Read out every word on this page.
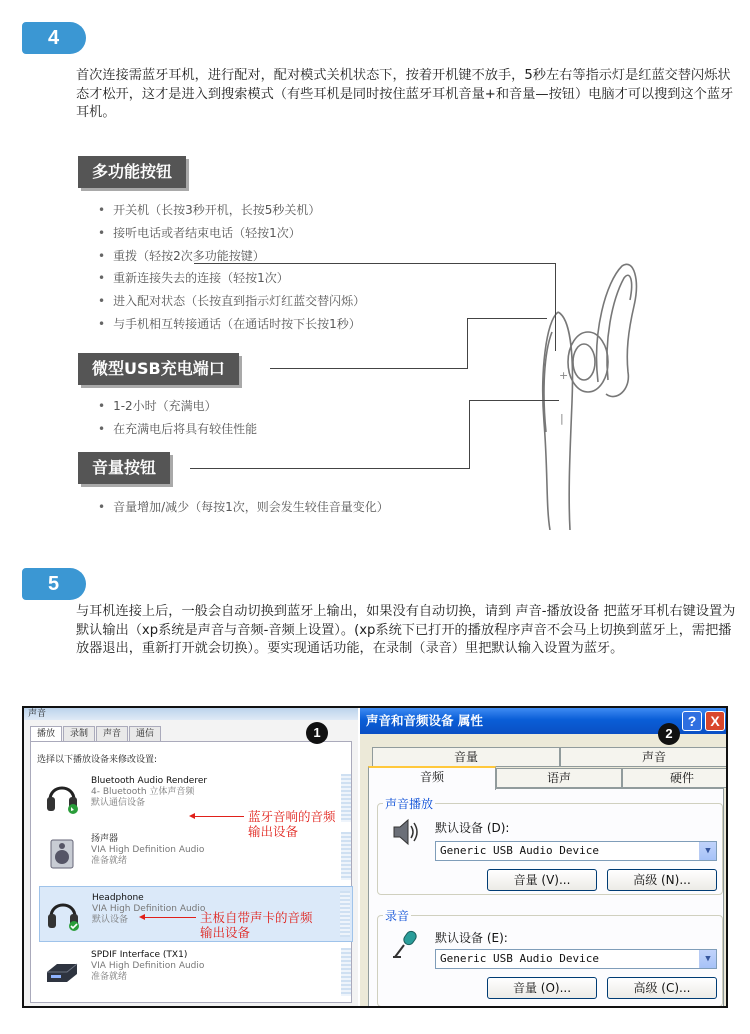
4
首次连接需蓝牙耳机，进行配对，配对模式关机状态下，按着开机键不放手，5秒左右等指示灯是红蓝交替闪烁状态才松开，这才是进入到搜索模式（有些耳机是同时按住蓝牙耳机音量+和音量—按钮）电脑才可以搜到这个蓝牙耳机。
+
|
多功能按钮
• 开关机（长按3秒开机，长按5秒关机）
• 接听电话或者结束电话（轻按1次）
• 重拨（轻按2次多功能按键）
• 重新连接失去的连接（轻按1次）
• 进入配对状态（长按直到指示灯红蓝交替闪烁）
• 与手机相互转接通话（在通话时按下长按1秒）
微型USB充电端口
• 1-2小时（充满电）
• 在充满电后将具有较佳性能
音量按钮
• 音量增加/减少（每按1次，则会发生较佳音量变化）
5
与耳机连接上后，一般会自动切换到蓝牙上输出，如果没有自动切换，请到 声音-播放设备 把蓝牙耳机右键设置为默认输出（xp系统是声音与音频-音频上设置）。(xp系统下已打开的播放程序声音不会马上切换到蓝牙上，需把播放器退出，重新打开就会切换）。要实现通话功能，在录制（录音）里把默认输入设置为蓝牙。
声音
播放	录制	声音	通信
选择以下播放设备来修改设置:
Bluetooth Audio Renderer
4- Bluetooth 立体声音频
默认通信设备
扬声器
VIA High Definition Audio
准备就绪
Headphone
VIA High Definition Audio
默认设备
SPDIF Interface (TX1)
VIA High Definition Audio
准备就绪
蓝牙音响的音频
输出设备
主板自带声卡的音频
输出设备
1
声音和音频设备 属性	?	X
2
音量	声音
音频	语声	硬件
声音播放
默认设备 (D):
Generic USB Audio Device	▼
音量 (V)...	高级 (N)...
录音
默认设备 (E):
Generic USB Audio Device	▼
音量 (O)...	高级 (C)...
